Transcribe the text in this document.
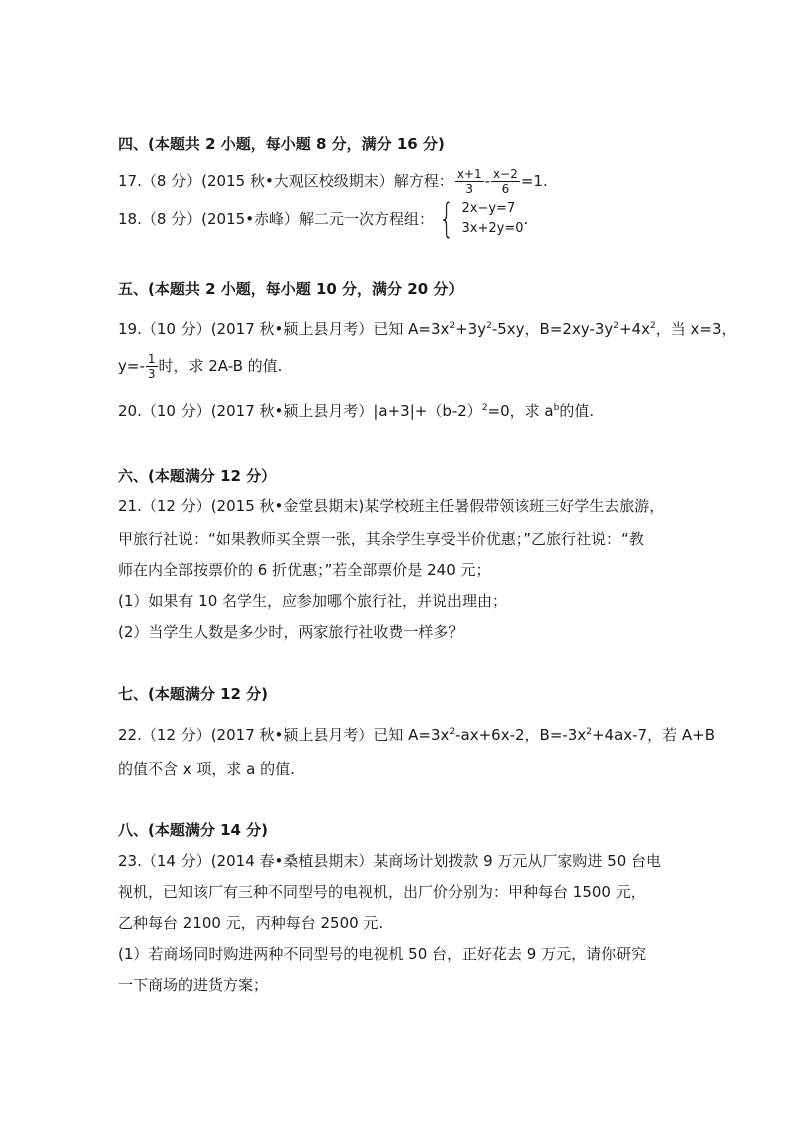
四、(本题共 2 小题，每小题 8 分，满分 16 分)
17.（8 分）(2015 秋•大观区校级期末）解方程： $\frac{x+1}{3} - \frac{x-2}{6} =1$.
18.（8 分）(2015•赤峰）解二元一次方程组： { 2x−y=7
3x+2y=0
.
五、(本题共 2 小题，每小题 10 分，满分 20 分）
19.（10 分）(2017 秋•颍上县月考）已知 $A=3x^2+3y^2-5xy$，$B=2xy-3y^2+4x^2$，当 x=3，
$y=- \frac{1}{3}$ 时，求 2A-B 的值.
20.（10 分）(2017 秋•颍上县月考）$|a+3|+(b-2)^2=0$，求 $a^b$的值.
六、(本题满分 12 分）
21.（12 分）(2015 秋•金堂县期末)某学校班主任暑假带领该班三好学生去旅游，
甲旅行社说：“如果教师买全票一张，其余学生享受半价优惠；”乙旅行社说：“教
师在内全部按票价的 6 折优惠；”若全部票价是 240 元；
(1）如果有 10 名学生，应参加哪个旅行社，并说出理由；
(2）当学生人数是多少时，两家旅行社收费一样多？
七、(本题满分 12 分)
22.（12 分）(2017 秋•颍上县月考）已知 $A=3x^2-ax+6x-2$，$B=-3x^2+4ax-7$，若 A+B
的值不含 x 项，求 a 的值.
八、(本题满分 14 分)
23.（14 分）(2014 春•桑植县期末）某商场计划拨款 9 万元从厂家购进 50 台电
视机，已知该厂有三种不同型号的电视机，出厂价分别为：甲种每台 1500 元，
乙种每台 2100 元，丙种每台 2500 元.
(1）若商场同时购进两种不同型号的电视机 50 台，正好花去 9 万元，请你研究
一下商场的进货方案；
